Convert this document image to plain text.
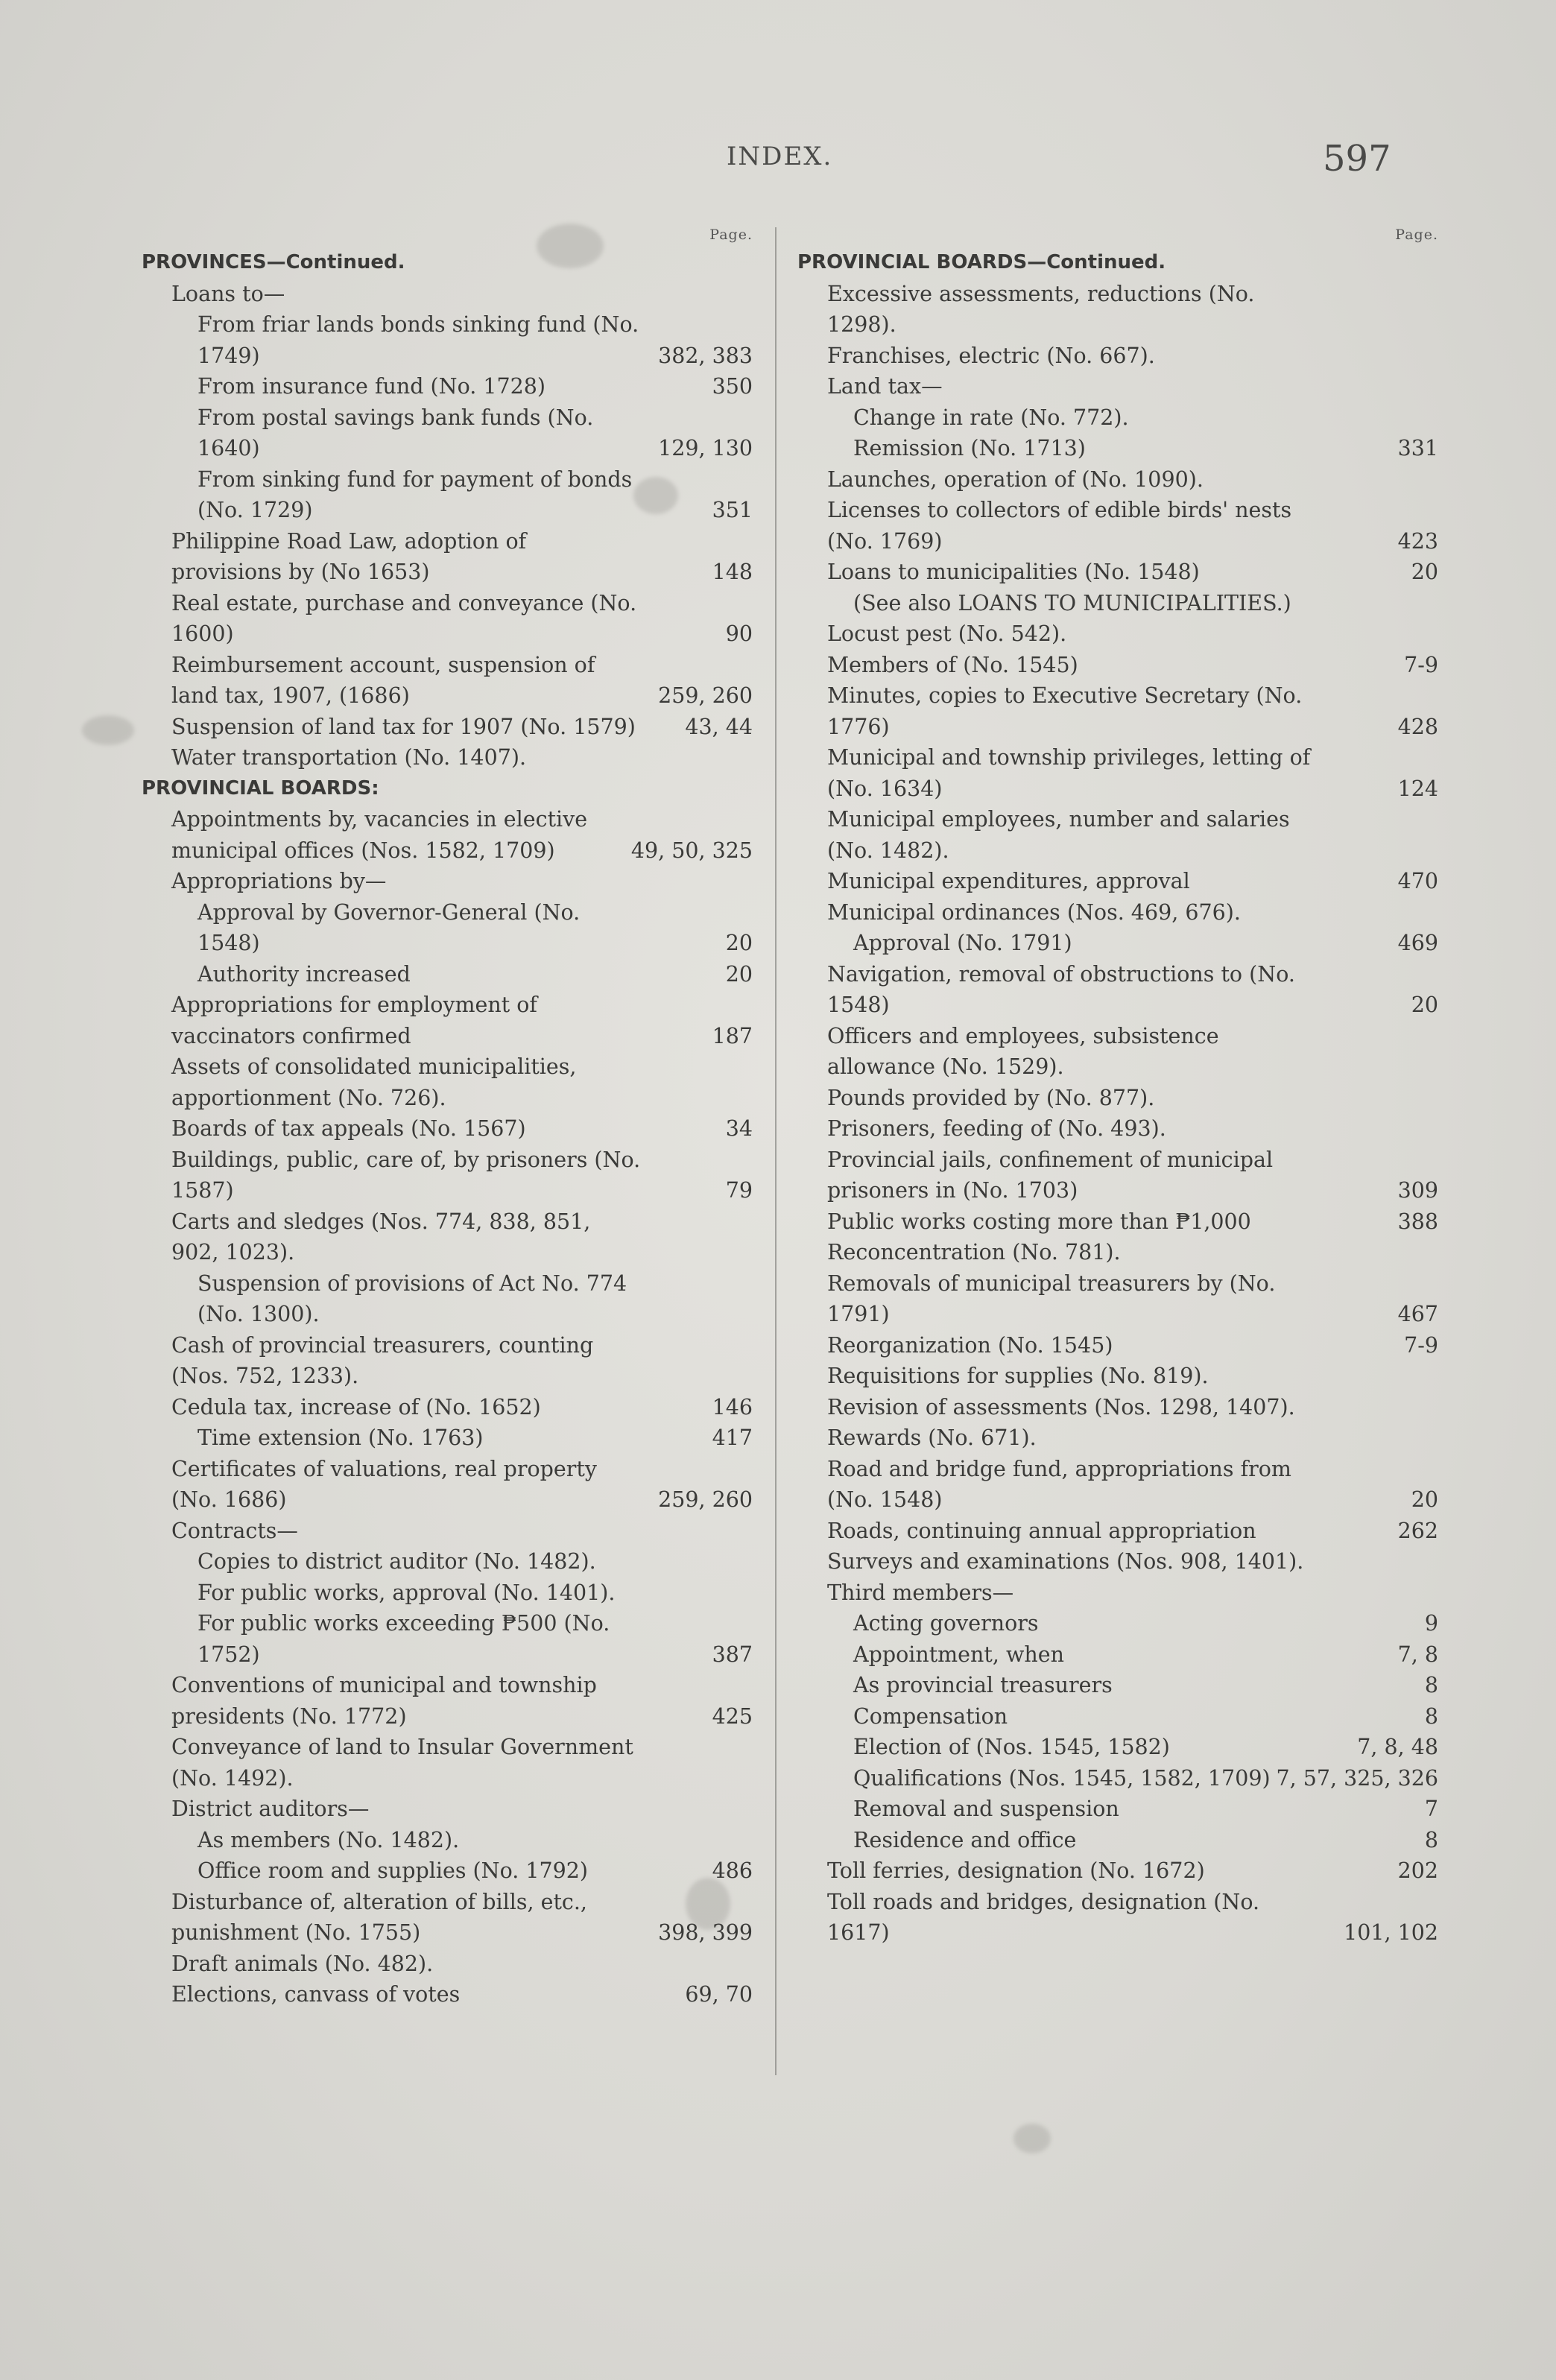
INDEX.	597
Page.
PROVINCES—Continued.
Loans to—
From friar lands bonds sinking fund (No. 1749)	382, 383
From insurance fund (No. 1728)	350
From postal savings bank funds (No. 1640)	129, 130
From sinking fund for payment of bonds (No. 1729)	351
Philippine Road Law, adoption of provisions by (No 1653)	148
Real estate, purchase and conveyance (No. 1600)	90
Reimbursement account, suspension of land tax, 1907, (1686)	259, 260
Suspension of land tax for 1907 (No. 1579) 43, 44
Water transportation (No. 1407).
PROVINCIAL BOARDS:
Appointments by, vacancies in elective municipal offices (Nos. 1582, 1709)	49, 50, 325
Appropriations by—
Approval by Governor-General (No. 1548)	20
Authority increased	20
Appropriations for employment of vaccinators confirmed	187
Assets of consolidated municipalities, apportionment (No. 726).
Boards of tax appeals (No. 1567)	34
Buildings, public, care of, by prisoners (No. 1587)	79
Carts and sledges (Nos. 774, 838, 851, 902, 1023).
Suspension of provisions of Act No. 774 (No. 1300).
Cash of provincial treasurers, counting (Nos. 752, 1233).
Cedula tax, increase of (No. 1652)	146
Time extension (No. 1763)	417
Certificates of valuations, real property (No. 1686)	259, 260
Contracts—
Copies to district auditor (No. 1482).
For public works, approval (No. 1401).
For public works exceeding ₱500 (No. 1752)	387
Conventions of municipal and township presidents (No. 1772)	425
Conveyance of land to Insular Government (No. 1492).
District auditors—
As members (No. 1482).
Office room and supplies (No. 1792)	486
Disturbance of, alteration of bills, etc., punishment (No. 1755)	398, 399
Draft animals (No. 482).
Elections, canvass of votes	69, 70
Page.
PROVINCIAL BOARDS—Continued.
Excessive assessments, reductions (No. 1298).
Franchises, electric (No. 667).
Land tax—
Change in rate (No. 772).
Remission (No. 1713)	331
Launches, operation of (No. 1090).
Licenses to collectors of edible birds' nests (No. 1769)	423
Loans to municipalities (No. 1548)	20
(See also LOANS TO MUNICIPALITIES.)
Locust pest (No. 542).
Members of (No. 1545)	7-9
Minutes, copies to Executive Secretary (No. 1776)	428
Municipal and township privileges, letting of (No. 1634)	124
Municipal employees, number and salaries (No. 1482).
Municipal expenditures, approval	470
Municipal ordinances (Nos. 469, 676).
Approval (No. 1791)	469
Navigation, removal of obstructions to (No. 1548)	20
Officers and employees, subsistence allowance (No. 1529).
Pounds provided by (No. 877).
Prisoners, feeding of (No. 493).
Provincial jails, confinement of municipal prisoners in (No. 1703)	309
Public works costing more than ₱1,000	388
Reconcentration (No. 781).
Removals of municipal treasurers by (No. 1791)	467
Reorganization (No. 1545)	7-9
Requisitions for supplies (No. 819).
Revision of assessments (Nos. 1298, 1407).
Rewards (No. 671).
Road and bridge fund, appropriations from (No. 1548)	20
Roads, continuing annual appropriation	262
Surveys and examinations (Nos. 908, 1401).
Third members—
Acting governors	9
Appointment, when	7, 8
As provincial treasurers	8
Compensation	8
Election of (Nos. 1545, 1582)	7, 8, 48
Qualifications (Nos. 1545, 1582, 1709) 7, 57, 325, 326
Removal and suspension	7
Residence and office	8
Toll ferries, designation (No. 1672)	202
Toll roads and bridges, designation (No. 1617)	101, 102
